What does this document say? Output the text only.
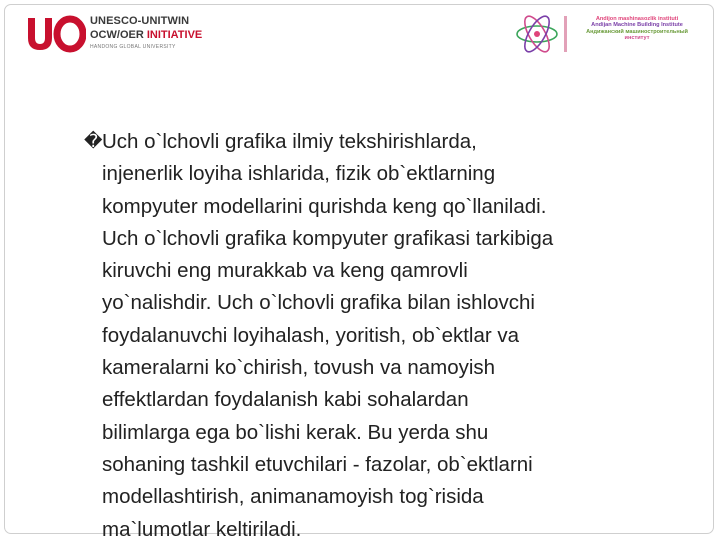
UNESCO-UNITWIN
OCW/OER INITIATIVE
HANDONG GLOBAL UNIVERSITY
Andijon mashinasozlik instituti
Andijan Machine Building Institute
Андижанский машиностроительный
институт
� Uch o`lchovli grafika ilmiy tekshirishlarda,
injenerlik loyiha ishlarida, fizik ob`ektlarning
kompyuter modellarini qurishda keng qo`llaniladi.
Uch o`lchovli grafika kompyuter grafikasi tarkibiga
kiruvchi eng murakkab va keng qamrovli
yo`nalishdir. Uch o`lchovli grafika bilan ishlovchi
foydalanuvchi loyihalash, yoritish, ob`ektlar va
kameralarni ko`chirish, tovush va namoyish
effektlardan foydalanish kabi sohalardan
bilimlarga ega bo`lishi kerak. Bu yerda shu
sohaning tashkil etuvchilari - fazolar, ob`ektlarni
modellashtirish, animanamoyish tog`risida
ma`lumotlar keltiriladi.
